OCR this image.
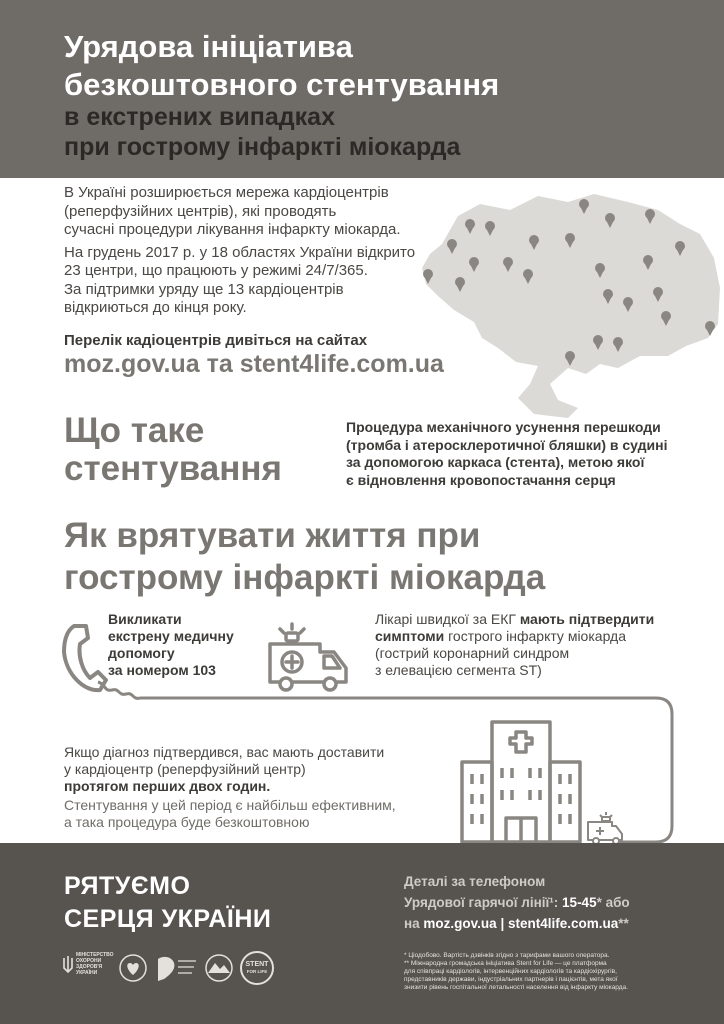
Урядова ініціатива
безкоштовного стентування
в екстрених випадках
при гострому інфаркті міокарда

В Україні розширюється мережа кардіоцентрів
(реперфузійних центрів), які проводять
сучасні процедури лікування інфаркту міокарда.

На грудень 2017 р. у 18 областях України відкрито
23 центри, що працюють у режимі 24/7/365.
За підтримки уряду ще 13 кардіоцентрів
відкриються до кінця року.

Перелік кадіоцентрів дивіться на сайтах
moz.gov.ua та stent4life.com.ua
Що таке
стентування
Процедура механічного усунення перешкоди
(тромба і атеросклеротичної бляшки) в судині
за допомогою каркаса (стента), метою якої
є відновлення кровопостачання серця
Як врятувати життя при
гострому інфаркті міокарда
Викликати
екстрену медичну
допомогу
за номером 103
Лікарі швидкої за ЕКГ мають підтвердити
симптоми гострого інфаркту міокарда
(гострий коронарний синдром
з елевацією сегмента ST)
Якщо діагноз підтвердився, вас мають доставити
у кардіоцентр (реперфузійний центр)
протягом перших двох годин.
Стентування у цей період є найбільш ефективним,
а така процедура буде безкоштовною
РЯТУЄМО
СЕРЦЯ УКРАЇНИ
Деталі за телефоном
Урядової гарячої лінії¹: 15-45* або
на moz.gov.ua | stent4life.com.ua**
* Ціодобово. Вартість дзвінків згідно з тарифами вашого оператора.
** Міжнародна громадська ініціатива Stent for Life — це платформа
для співпраці кардіологів, інтервенційних кардіологів та кардіохірургів,
представників держави, індустріальних партнерів і пацієнтів, мета якої
знизити рівень госпітальної летальності населення від інфаркту міокарда.
МІНІСТЕРСТВО
ОХОРОНИ
ЗДОРОВ'Я
УКРАЇНИ
STENT
FOR LIFE
